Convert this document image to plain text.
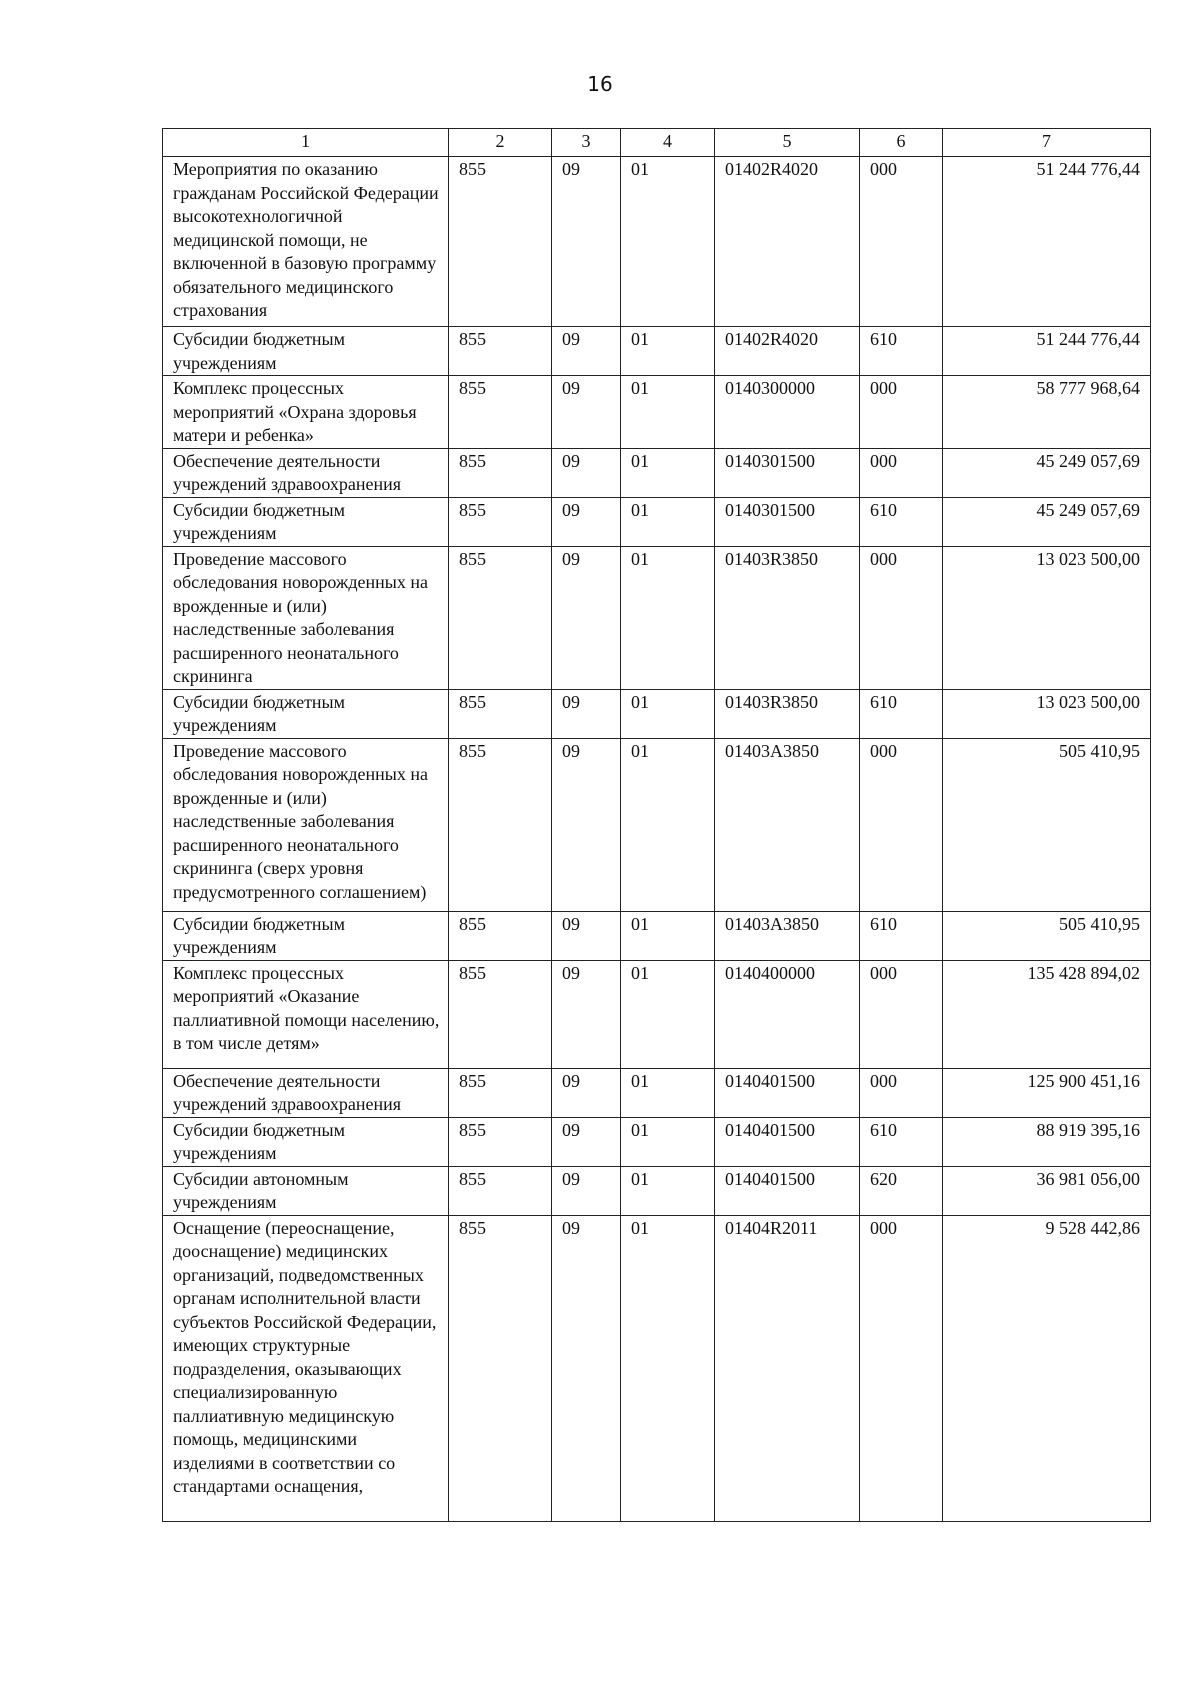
16
1	2	3	4	5	6	7
Мероприятия по оказанию гражданам Российской Федерации высокотехнологичной медицинской помощи, не включенной в базовую программу обязательного медицинского страхования	855	09	01	01402R4020	000	51 244 776,44
Субсидии бюджетным учреждениям	855	09	01	01402R4020	610	51 244 776,44
Комплекс процессных мероприятий «Охрана здоровья матери и ребенка»	855	09	01	0140300000	000	58 777 968,64
Обеспечение деятельности учреждений здравоохранения	855	09	01	0140301500	000	45 249 057,69
Субсидии бюджетным учреждениям	855	09	01	0140301500	610	45 249 057,69
Проведение массового обследования новорожденных на врожденные и (или) наследственные заболевания расширенного неонатального скрининга	855	09	01	01403R3850	000	13 023 500,00
Субсидии бюджетным учреждениям	855	09	01	01403R3850	610	13 023 500,00
Проведение массового обследования новорожденных на врожденные и (или) наследственные заболевания расширенного неонатального скрининга (сверх уровня предусмотренного соглашением)	855	09	01	01403А3850	000	505 410,95
Субсидии бюджетным учреждениям	855	09	01	01403А3850	610	505 410,95
Комплекс процессных мероприятий «Оказание паллиативной помощи населению, в том числе детям»	855	09	01	0140400000	000	135 428 894,02
Обеспечение деятельности учреждений здравоохранения	855	09	01	0140401500	000	125 900 451,16
Субсидии бюджетным учреждениям	855	09	01	0140401500	610	88 919 395,16
Субсидии автономным учреждениям	855	09	01	0140401500	620	36 981 056,00
Оснащение (переоснащение, дооснащение) медицинских организаций, подведомственных органам исполнительной власти субъектов Российской Федерации, имеющих структурные подразделения, оказывающих специализированную паллиативную медицинскую помощь, медицинскими изделиями в соответствии со стандартами оснащения,	855	09	01	01404R2011	000	9 528 442,86
